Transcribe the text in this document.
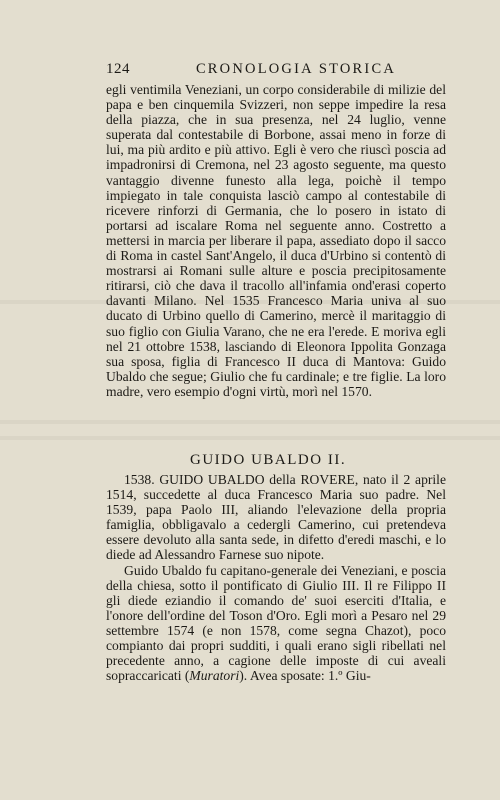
124	CRONOLOGIA STORICA

egli ventimila Veneziani, un corpo considerabile di milizie del papa e ben cinquemila Svizzeri, non seppe impedire la resa della piazza, che in sua presenza, nel 24 luglio, venne superata dal contestabile di Borbone, assai meno in forze di lui, ma più ardito e più attivo. Egli è vero che riuscì poscia ad impadronirsi di Cremona, nel 23 agosto seguente, ma questo vantaggio divenne funesto alla lega, poichè il tempo impiegato in tale conquista lasciò campo al contestabile di ricevere rinforzi di Germania, che lo posero in istato di portarsi ad iscalare Roma nel seguente anno. Costretto a mettersi in marcia per liberare il papa, assediato dopo il sacco di Roma in castel Sant'Angelo, il duca d'Urbino si contentò di mostrarsi ai Romani sulle alture e poscia precipitosamente ritirarsi, ciò che dava il tracollo all'infamia ond'erasi coperto davanti Milano. Nel 1535 Francesco Maria univa al suo ducato di Urbino quello di Camerino, mercè il maritaggio di suo figlio con Giulia Varano, che ne era l'erede. E moriva egli nel 21 ottobre 1538, lasciando di Eleonora Ippolita Gonzaga sua sposa, figlia di Francesco II duca di Mantova: Guido Ubaldo che segue; Giulio che fu cardinale; e tre figlie. La loro madre, vero esempio d'ogni virtù, morì nel 1570.

GUIDO UBALDO II.

1538. GUIDO UBALDO della ROVERE, nato il 2 aprile 1514, succedette al duca Francesco Maria suo padre. Nel 1539, papa Paolo III, aliando l'elevazione della propria famiglia, obbligavalo a cedergli Camerino, cui pretendeva essere devoluto alla santa sede, in difetto d'eredi maschi, e lo diede ad Alessandro Farnese suo nipote.

Guido Ubaldo fu capitano-generale dei Veneziani, e poscia della chiesa, sotto il pontificato di Giulio III. Il re Filippo II gli diede eziandio il comando de' suoi eserciti d'Italia, e l'onore dell'ordine del Toson d'Oro. Egli morì a Pesaro nel 29 settembre 1574 (e non 1578, come segna Chazot), poco compianto dai propri sudditi, i quali erano sigli ribellati nel precedente anno, a cagione delle imposte di cui aveali sopraccaricati (Muratori). Avea sposate: 1.º Giu-
